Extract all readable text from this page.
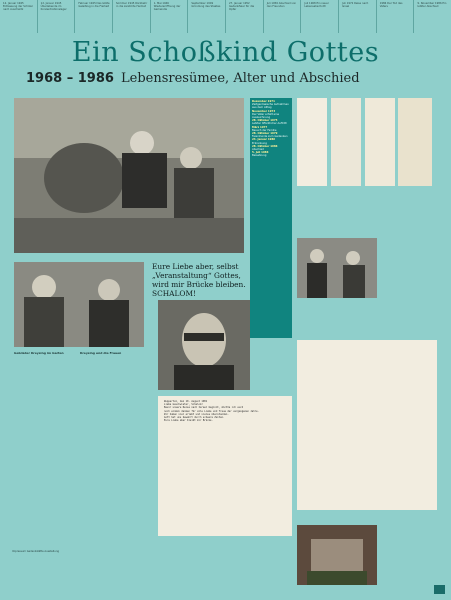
12. Januar 1945 Entlassung der Schüler nach Auschwitz
12. Januar 1945 Überlebende im Konzentrationslager
Februar 1945 Das letzte Geleitzug in die Freiheit
Sommer 1945 Rückkehr in die zerstörte Heimat
1. Mai 1946 Wiedereröffnung der Gemeinde
September 1949 Gründung des Staates
27. Januar 1952 Gedenkfeier für die Opfer
Juli 1956 Abschied von den Freunden
Juli 1968 Ein neuer Lebensabschnitt
Juli 1972 Reise nach Israel
1986 Der Tod des Vaters
9. November 1986 Ein letzter Abschied
Ein Schoßkind Gottes
1968 – 1986 Lebensresümee, Alter und Abschied
Dezember 1971
Zeitgenössische Aufnahmen aus dem Alltag
November 1973
Der Vater erhält eine Auszeichnung
28. Oktober 1975
Letzter öffentlicher Auftritt
März 1977
Besuch der Familie
28. Oktober 1979
Feierstunde zum Gedenken
24. Januar 1986
Erkrankung
28. Oktober 1986
Abschied
5. Juli 1986
Beisetzung
Gebrüder Kreysing im Garten	Kreysing und die Frauen
Eure Liebe aber, selbst „Veranstaltung“ Gottes, wird mir Brücke bleiben. SCHALOM!
Wuppertal, den 10. August 1981
Liebe Geschwister, Schalom!
Bevor unsere Reise nach Israel beginnt, möchte ich euch
noch einmal danken für alle Liebe und Treue der vergangenen Jahre.
Wir haben viel erlebt und vieles überstanden.
Gott hat uns bewahrt durch schwere Zeiten.
Eure Liebe aber bleibt mir Brücke.
Impressum Gedenkstätte Ausstellung
